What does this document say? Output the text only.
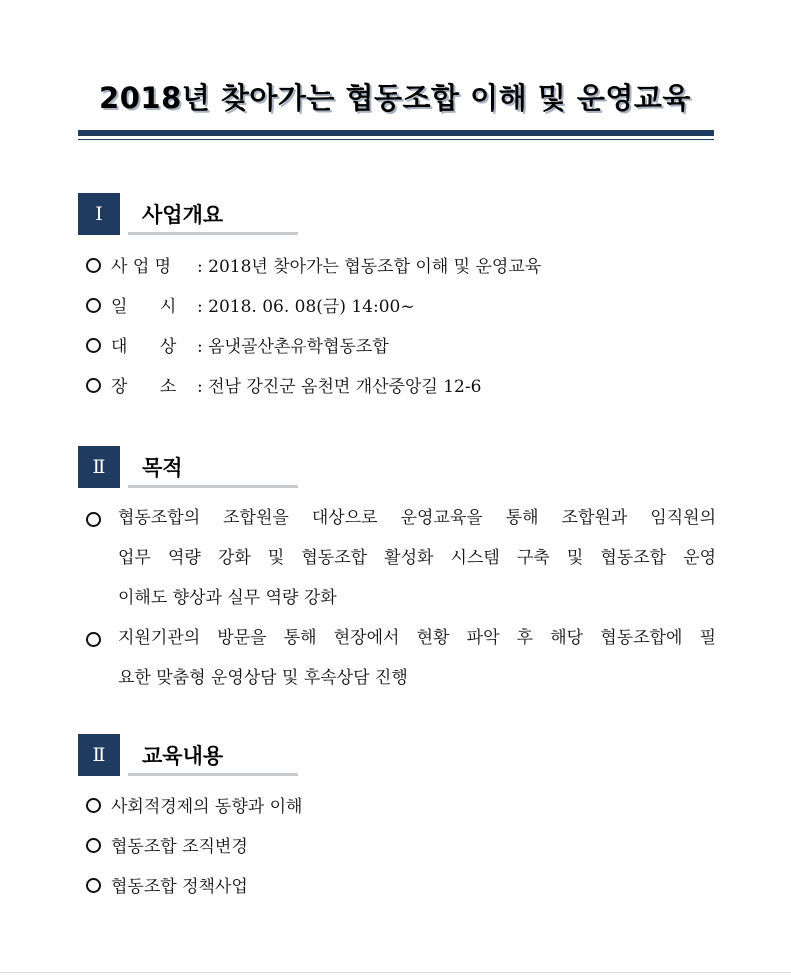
2018년 찾아가는 협동조합 이해 및 운영교육
Ⅰ	사업개요
사 업 명 : 2018년 찾아가는 협동조합 이해 및 운영교육
일      시 : 2018. 06. 08(금) 14:00~
대      상 : 옴냇골산촌유학협동조합
장      소 : 전남 강진군 옴천면 개산중앙길 12-6
Ⅱ	목적
협동조합의 조합원을 대상으로 운영교육을 통해 조합원과 임직원의
업무 역량 강화 및 협동조합 활성화 시스템 구축 및 협동조합 운영
이해도 향상과 실무 역량 강화
지원기관의 방문을 통해 현장에서 현황 파악 후 해당 협동조합에 필
요한 맞춤형 운영상담 및 후속상담 진행
Ⅱ	교육내용
사회적경제의 동향과 이해
협동조합 조직변경
협동조합 정책사업
